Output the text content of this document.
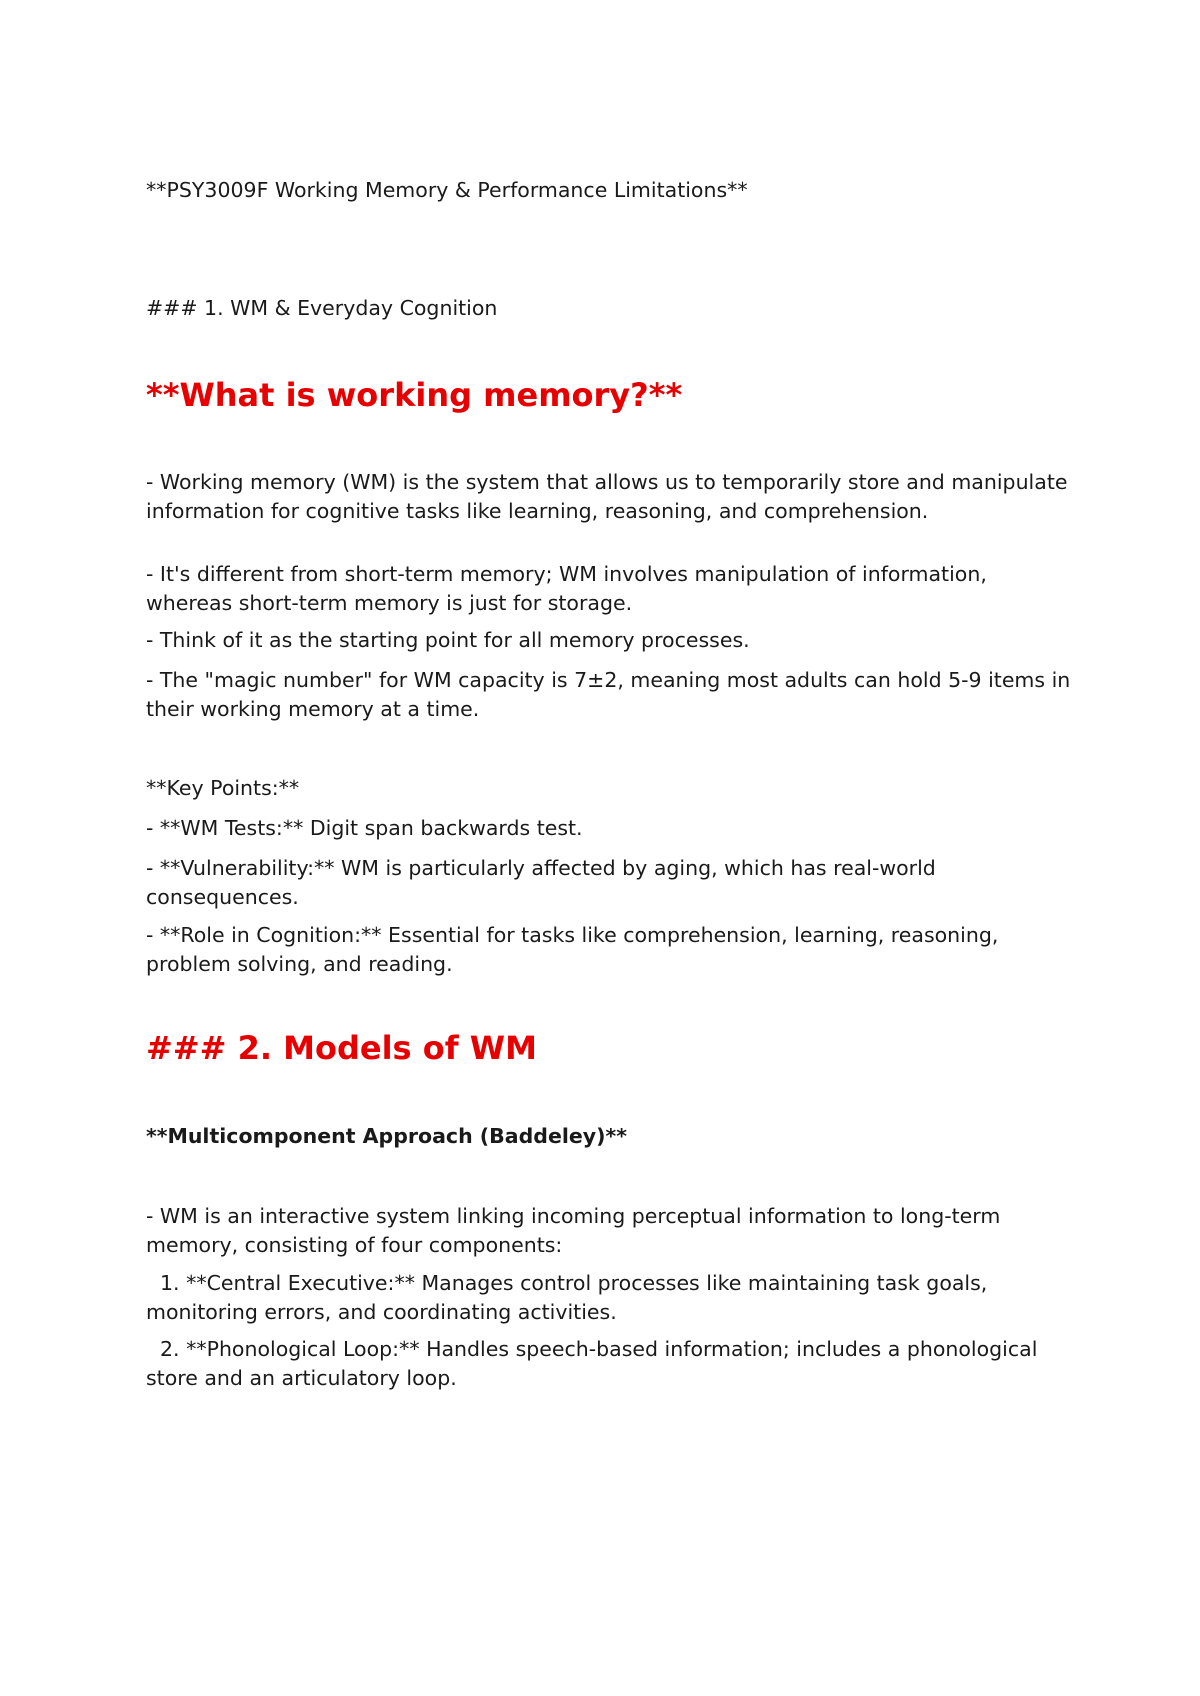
**PSY3009F Working Memory & Performance Limitations**
### 1. WM & Everyday Cognition
**What is working memory?**
- Working memory (WM) is the system that allows us to temporarily store and manipulate information for cognitive tasks like learning, reasoning, and comprehension.
- It's different from short-term memory; WM involves manipulation of information, whereas short-term memory is just for storage.
- Think of it as the starting point for all memory processes.
- The "magic number" for WM capacity is 7±2, meaning most adults can hold 5-9 items in their working memory at a time.
**Key Points:**
- **WM Tests:** Digit span backwards test.
- **Vulnerability:** WM is particularly affected by aging, which has real-world consequences.
- **Role in Cognition:** Essential for tasks like comprehension, learning, reasoning, problem solving, and reading.
### 2. Models of WM
**Multicomponent Approach (Baddeley)**
- WM is an interactive system linking incoming perceptual information to long-term memory, consisting of four components:
1. **Central Executive:** Manages control processes like maintaining task goals, monitoring errors, and coordinating activities.
2. **Phonological Loop:** Handles speech-based information; includes a phonological store and an articulatory loop.
